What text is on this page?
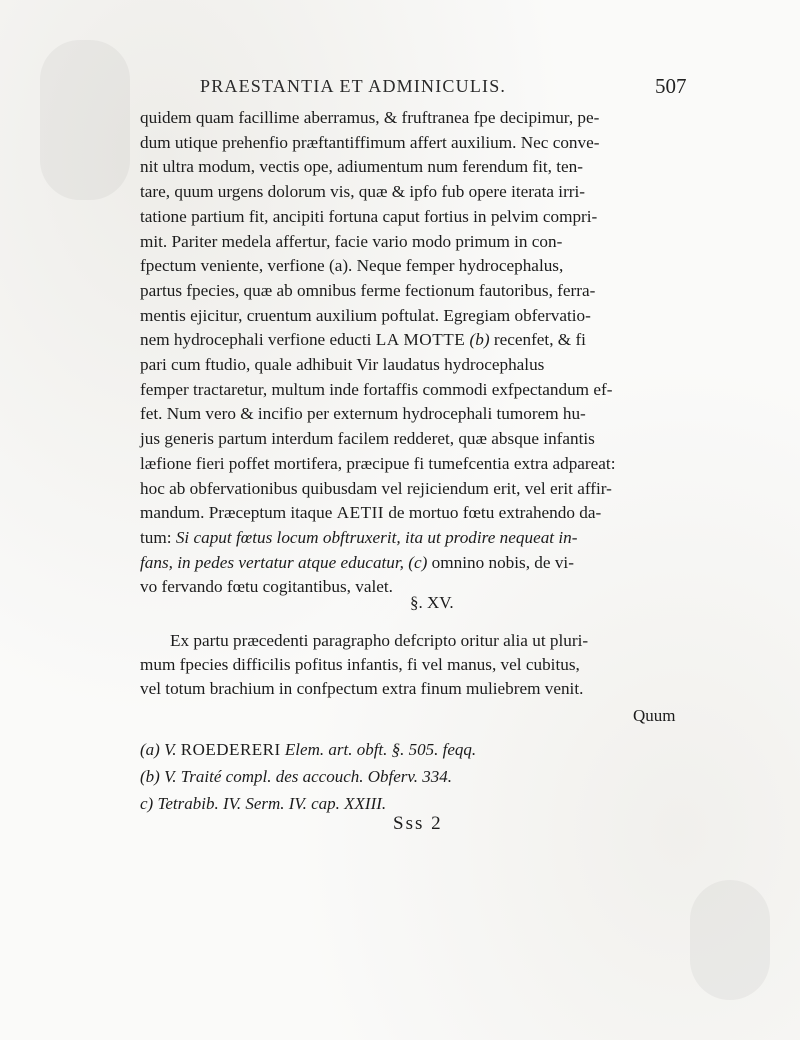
PRAESTANTIA ET ADMINICULIS.	507
quidem quam facillime aberramus, & fruftranea fpe decipimur, pe-
dum utique prehenfio præftantiffimum affert auxilium. Nec conve-
nit ultra modum, vectis ope, adiumentum num ferendum fit, ten-
tare, quum urgens dolorum vis, quæ & ipfo fub opere iterata irri-
tatione partium fit, ancipiti fortuna caput fortius in pelvim compri-
mit. Pariter medela affertur, facie vario modo primum in con-
fpectum veniente, verfione (a). Neque femper hydrocephalus,
partus fpecies, quæ ab omnibus ferme fectionum fautoribus, ferra-
mentis ejicitur, cruentum auxilium poftulat. Egregiam obfervatio-
nem hydrocephali verfione educti LA MOTTE (b) recenfet, & fi
pari cum ftudio, quale adhibuit Vir laudatus hydrocephalus
femper tractaretur, multum inde fortaffis commodi exfpectandum ef-
fet. Num vero & incifio per externum hydrocephali tumorem hu-
jus generis partum interdum facilem redderet, quæ absque infantis
læfione fieri poffet mortifera, præcipue fi tumefcentia extra adpareat:
hoc ab obfervationibus quibusdam vel rejiciendum erit, vel erit affir-
mandum. Præceptum itaque AETII de mortuo fœtu extrahendo da-
tum: Si caput fœtus locum obftruxerit, ita ut prodire nequeat in-
fans, in pedes vertatur atque educatur, (c) omnino nobis, de vi-
vo fervando fœtu cogitantibus, valet.
§. XV.
Ex partu præcedenti paragrapho defcripto oritur alia ut pluri-
mum fpecies difficilis pofitus infantis, fi vel manus, vel cubitus,
vel totum brachium in confpectum extra finum muliebrem venit.
Quum
(a) V. ROEDERERI Elem. art. obft. §. 505. feqq.
(b) V. Traité compl. des accouch. Obferv. 334.
c) Tetrabib. IV. Serm. IV. cap. XXIII.
Sss 2
